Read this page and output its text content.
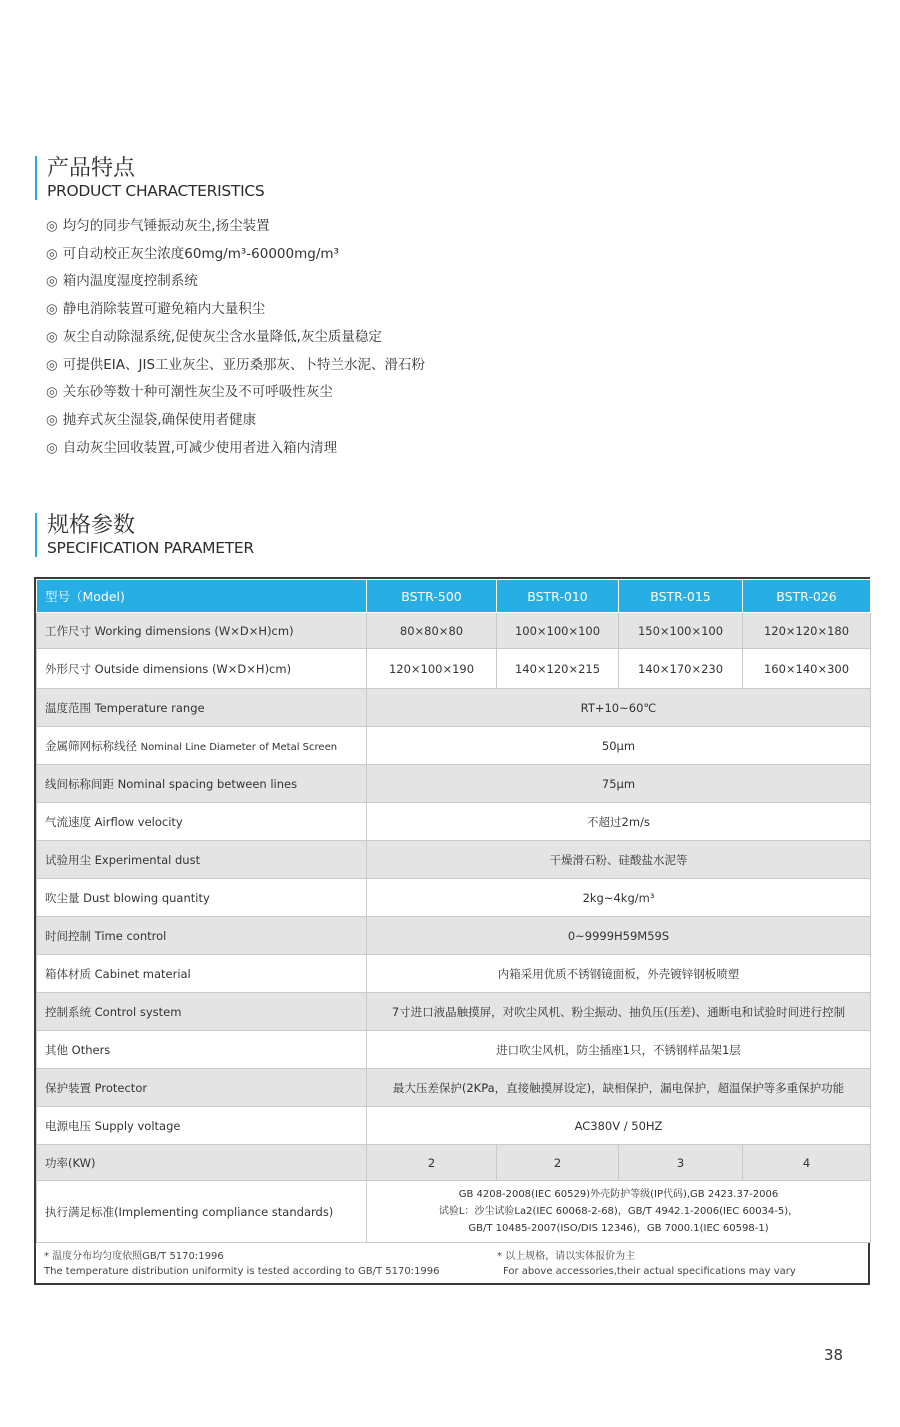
产品特点
PRODUCT CHARACTERISTICS
◎ 均匀的同步气锤振动灰尘,扬尘装置
◎ 可自动校正灰尘浓度60mg/m³-60000mg/m³
◎ 箱内温度湿度控制系统
◎ 静电消除装置可避免箱内大量积尘
◎ 灰尘自动除湿系统,促使灰尘含水量降低,灰尘质量稳定
◎ 可提供EIA、JIS工业灰尘、亚历桑那灰、卜特兰水泥、滑石粉
◎ 关东砂等数十种可潮性灰尘及不可呼吸性灰尘
◎ 抛弃式灰尘湿袋,确保使用者健康
◎ 自动灰尘回收装置,可减少使用者进入箱内清理
规格参数
SPECIFICATION PARAMETER
型号（Model)	BSTR-500	BSTR-010	BSTR-015	BSTR-026
工作尺寸 Working dimensions (W×D×H)cm)	80×80×80	100×100×100	150×100×100	120×120×180
外形尺寸 Outside dimensions (W×D×H)cm)	120×100×190	140×120×215	140×170×230	160×140×300
温度范围 Temperature range	RT+10~60℃			
金属筛网标称线径 Nominal Line Diameter of Metal Screen	50μm			
线间标称间距 Nominal spacing between lines	75μm			
气流速度 Airflow velocity	不超过2m/s			
试验用尘 Experimental dust	干燥滑石粉、硅酸盐水泥等			
吹尘量 Dust blowing quantity	2kg~4kg/m³			
时间控制 Time control	0~9999H59M59S			
箱体材质 Cabinet material	内箱采用优质不锈钢镜面板，外壳镀锌钢板喷塑			
控制系统 Control system	7寸进口液晶触摸屏，对吹尘风机、粉尘振动、抽负压(压差)、通断电和试验时间进行控制			
其他 Others	进口吹尘风机，防尘插座1只，不锈钢样品架1层			
保护装置 Protector	最大压差保护(2KPa，直接触摸屏设定)，缺相保护，漏电保护，超温保护等多重保护功能			
电源电压 Supply voltage	AC380V / 50HZ			
功率(KW)	2	2	3	4
执行满足标准(Implementing compliance standards)	GB 4208-2008(IEC 60529)外壳防护等级(IP代码),GB 2423.37-2006
试验L：沙尘试验La2(IEC 60068-2-68)，GB/T 4942.1-2006(IEC 60034-5)，
GB/T 10485-2007(ISO/DIS 12346)，GB 7000.1(IEC 60598-1)			
* 温度分布均匀度依照GB/T 5170:1996
The temperature distribution uniformity is tested according to GB/T 5170:1996
* 以上规格，请以实体报价为主
For above accessories,their actual specifications may vary
38
